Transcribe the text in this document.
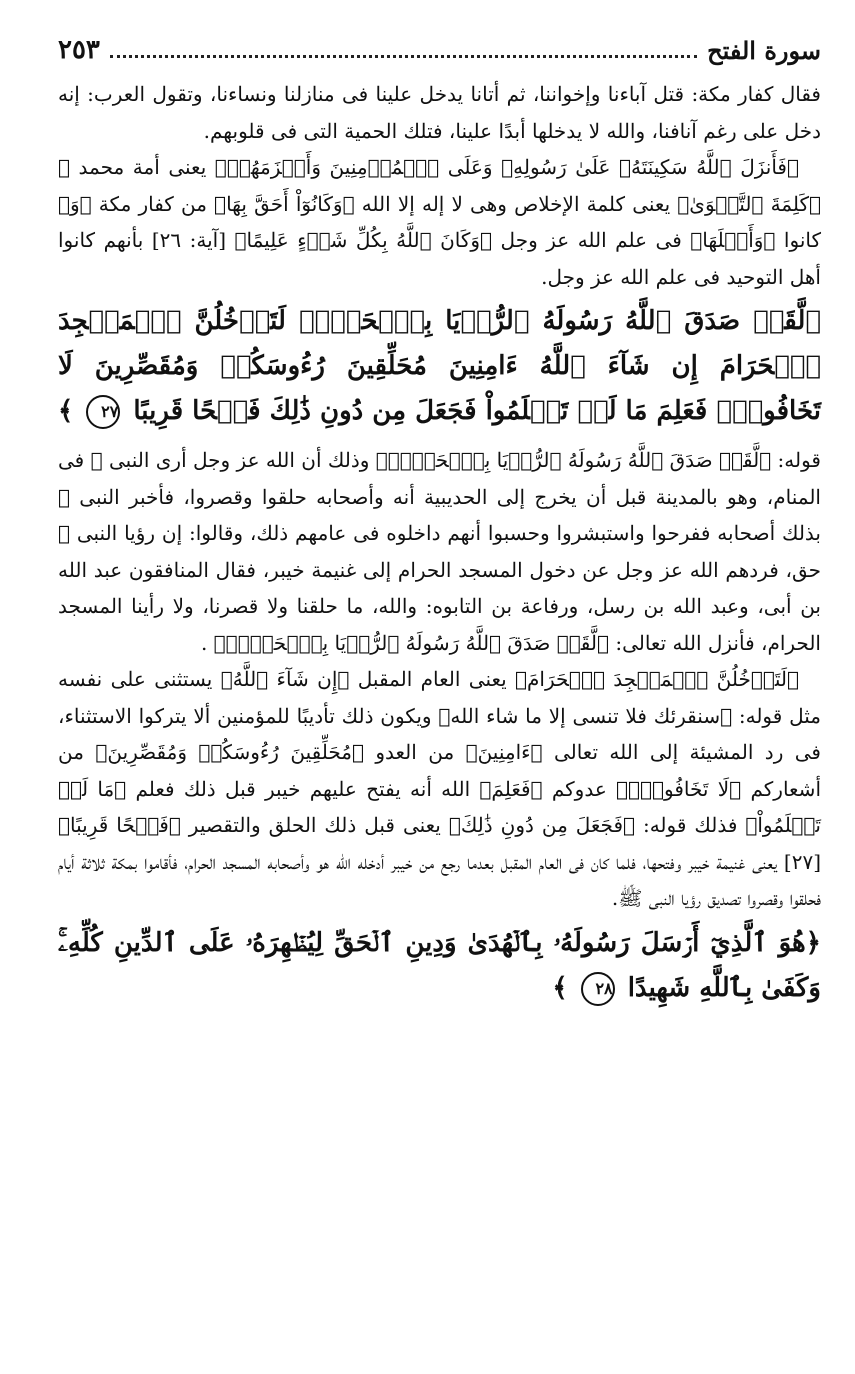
سورة الفتح
٢٥٣

فقال كفار مكة: قتل آباءنا وإخواننا، ثم أتانا يدخل علينا فى منازلنا ونساءنا، وتقول العرب: إنه دخل على رغم آنافنا، والله لا يدخلها أبدًا علينا، فتلك الحمية التى فى قلوبهم.

﴿فَأَنزَلَ ٱللَّهُ سَكِينَتَهُۥ عَلَىٰ رَسُولِهِۦ وَعَلَى ٱلۡمُؤۡمِنِينَ وَأَلۡزَمَهُمۡ﴾ يعنى أمة محمد ﷺ ﴿كَلِمَةَ ٱلتَّقۡوَىٰ﴾ يعنى كلمة الإخلاص وهى لا إله إلا الله ﴿وَكَانُوٓاْ أَحَقَّ بِهَا﴾ من كفار مكة ﴿وَ﴾ كانوا ﴿وَأَهۡلَهَا﴾ فى علم الله عز وجل ﴿وَكَانَ ٱللَّهُ بِكُلِّ شَيۡءٍ عَلِيمًا﴾ [آية: ٢٦] بأنهم كانوا أهل التوحيد فى علم الله عز وجل.

﴿لَّقَدۡ صَدَقَ ٱللَّهُ رَسُولَهُ ٱلرُّءۡيَا بِٱلۡحَقِّۖ لَتَدۡخُلُنَّ ٱلۡمَسۡجِدَ ٱلۡحَرَامَ إِن شَآءَ ٱللَّهُ ءَامِنِينَ مُحَلِّقِينَ رُءُوسَكُمۡ وَمُقَصِّرِينَ لَا تَخَافُونَۖ فَعَلِمَ مَا لَمۡ تَعۡلَمُواْ فَجَعَلَ مِن دُونِ ذَٰلِكَ فَتۡحًا قَرِيبًا ٢٧ ﴾

قوله: ﴿لَّقَدۡ صَدَقَ ٱللَّهُ رَسُولَهُ ٱلرُّءۡيَا بِٱلۡحَقِّۖ﴾ وذلك أن الله عز وجل أرى النبى ﷺ فى المنام، وهو بالمدينة قبل أن يخرج إلى الحديبية أنه وأصحابه حلقوا وقصروا، فأخبر النبى ﷺ بذلك أصحابه ففرحوا واستبشروا وحسبوا أنهم داخلوه فى عامهم ذلك، وقالوا: إن رؤيا النبى ﷺ حق، فردهم الله عز وجل عن دخول المسجد الحرام إلى غنيمة خيبر، فقال المنافقون عبد الله بن أبى، وعبد الله بن رسل، ورفاعة بن التابوه: والله، ما حلقنا ولا قصرنا، ولا رأينا المسجد الحرام، فأنزل الله تعالى: ﴿لَّقَدۡ صَدَقَ ٱللَّهُ رَسُولَهُ ٱلرُّءۡيَا بِٱلۡحَقِّۖ﴾ .

﴿لَتَدۡخُلُنَّ ٱلۡمَسۡجِدَ ٱلۡحَرَامَ﴾ يعنى العام المقبل ﴿إِن شَآءَ ٱللَّهُ﴾ يستثنى على نفسه مثل قوله: ﴿سنقرئك فلا تنسى إلا ما شاء الله﴾ ويكون ذلك تأديبًا للمؤمنين ألا يتركوا الاستثناء، فى رد المشيئة إلى الله تعالى ﴿ءَامِنِينَ﴾ من العدو ﴿مُحَلِّقِينَ رُءُوسَكُمۡ وَمُقَصِّرِينَ﴾ من أشعاركم ﴿لَا تَخَافُونَۖ﴾ عدوكم ﴿فَعَلِمَ﴾ الله أنه يفتح عليهم خيبر قبل ذلك فعلم ﴿مَا لَمۡ تَعۡلَمُواْ﴾ فذلك قوله: ﴿فَجَعَلَ مِن دُونِ ذَٰلِكَ﴾ يعنى قبل ذلك الحلق والتقصير ﴿فَتۡحًا قَرِيبًا﴾ [٢٧] يعنى غنيمة خيبر وفتحها، فلما كان فى العام المقبل بعدما رجع من خيبر أدخله الله هو وأصحابه المسجد الحرام، فأقاموا بمكة ثلاثة أيام فحلقوا وقصروا تصديق رؤيا النبى ﷺ.

﴿هُوَ ٱلَّذِيٓ أَرۡسَلَ رَسُولَهُۥ بِٱلۡهُدَىٰ وَدِينِ ٱلۡحَقِّ لِيُظۡهِرَهُۥ عَلَى ٱلدِّينِ كُلِّهِۦۚ وَكَفَىٰ بِٱللَّهِ شَهِيدًا ٢٨ ﴾
